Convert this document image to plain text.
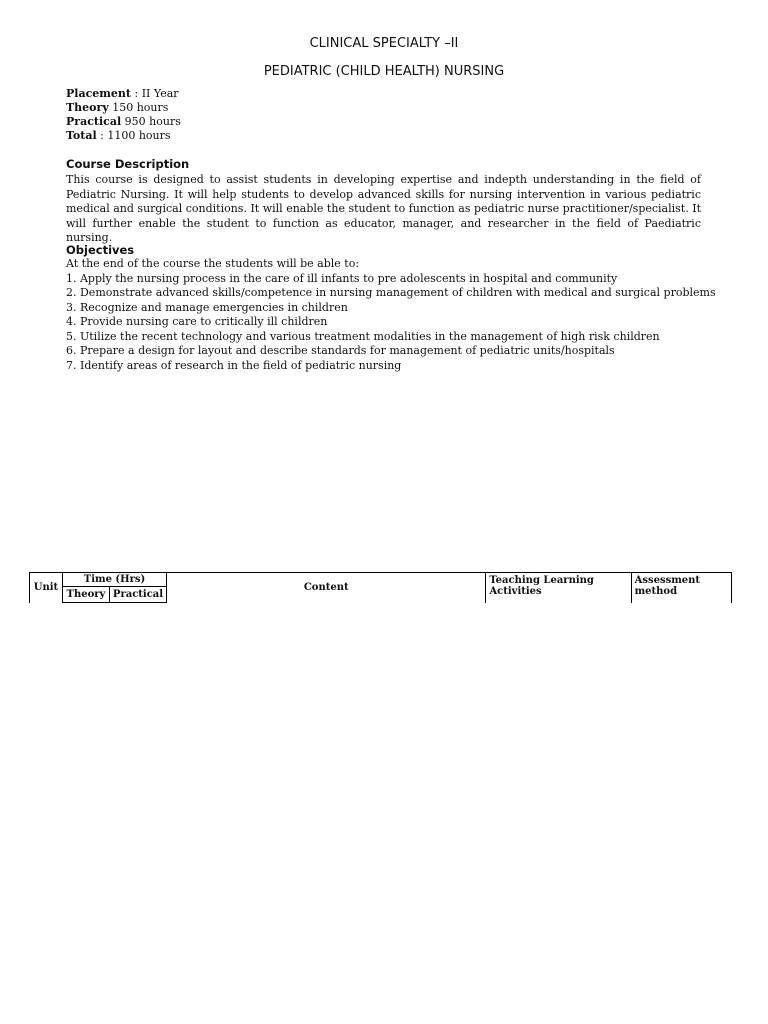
CLINICAL SPECIALTY –II
PEDIATRIC (CHILD HEALTH) NURSING
Placement : II Year
Theory 150 hours
Practical 950 hours
Total : 1100 hours
Course Description
This course is designed to assist students in developing expertise and indepth understanding in the field of Pediatric Nursing. It will help students to develop advanced skills for nursing intervention in various pediatric medical and surgical conditions. It will enable the student to function as pediatric nurse practitioner/specialist. It will further enable the student to function as educator, manager, and researcher in the field of Paediatric nursing.
Objectives
At the end of the course the students will be able to:
1. Apply the nursing process in the care of ill infants to pre adolescents in hospital and community
2. Demonstrate advanced skills/competence in nursing management of children with medical and surgical problems
3. Recognize and manage emergencies in children
4. Provide nursing care to critically ill children
5. Utilize the recent technology and various treatment modalities in the management of high risk children
6. Prepare a design for layout and describe standards for management of pediatric units/hospitals
7. Identify areas of research in the field of pediatric nursing
Unit	Time (Hrs)		Content	Teaching Learning Activities	Assessment method
	Theory	Practical			
